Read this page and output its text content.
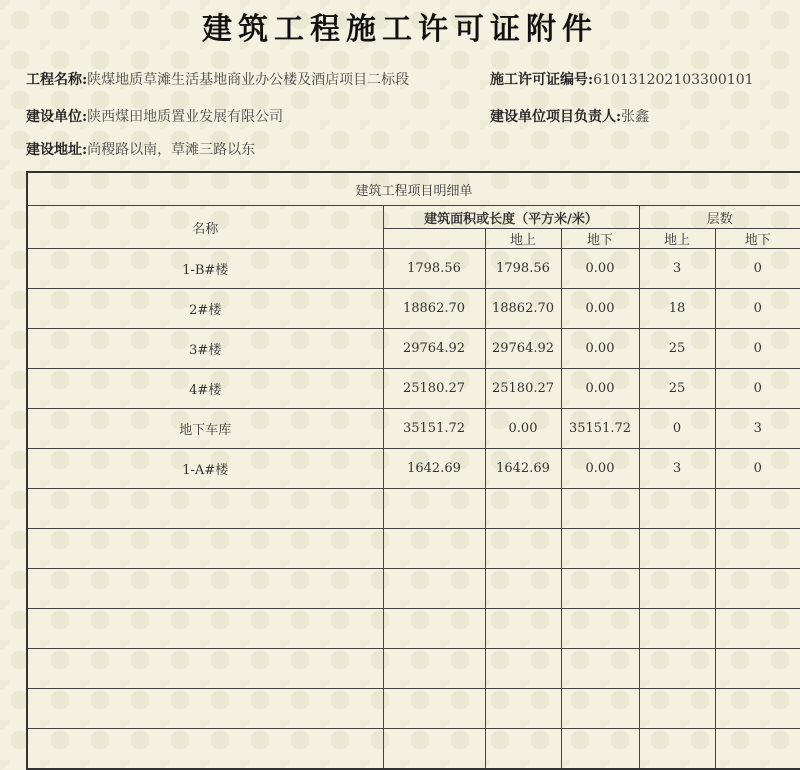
建筑工程施工许可证附件
工程名称:陕煤地质草滩生活基地商业办公楼及酒店项目二标段	施工许可证编号:610131202103300101
建设单位:陕西煤田地质置业发展有限公司	建设单位项目负责人:张鑫
建设地址:尚稷路以南，草滩三路以东
建筑工程项目明细单					
名称	建筑面积或长度（平方米/米）			层数	
		地上	地下	地上	地下
1-B#楼	1798.56	1798.56	0.00	3	0
2#楼	18862.70	18862.70	0.00	18	0
3#楼	29764.92	29764.92	0.00	25	0
4#楼	25180.27	25180.27	0.00	25	0
地下车库	35151.72	0.00	35151.72	0	3
1-A#楼	1642.69	1642.69	0.00	3	0
